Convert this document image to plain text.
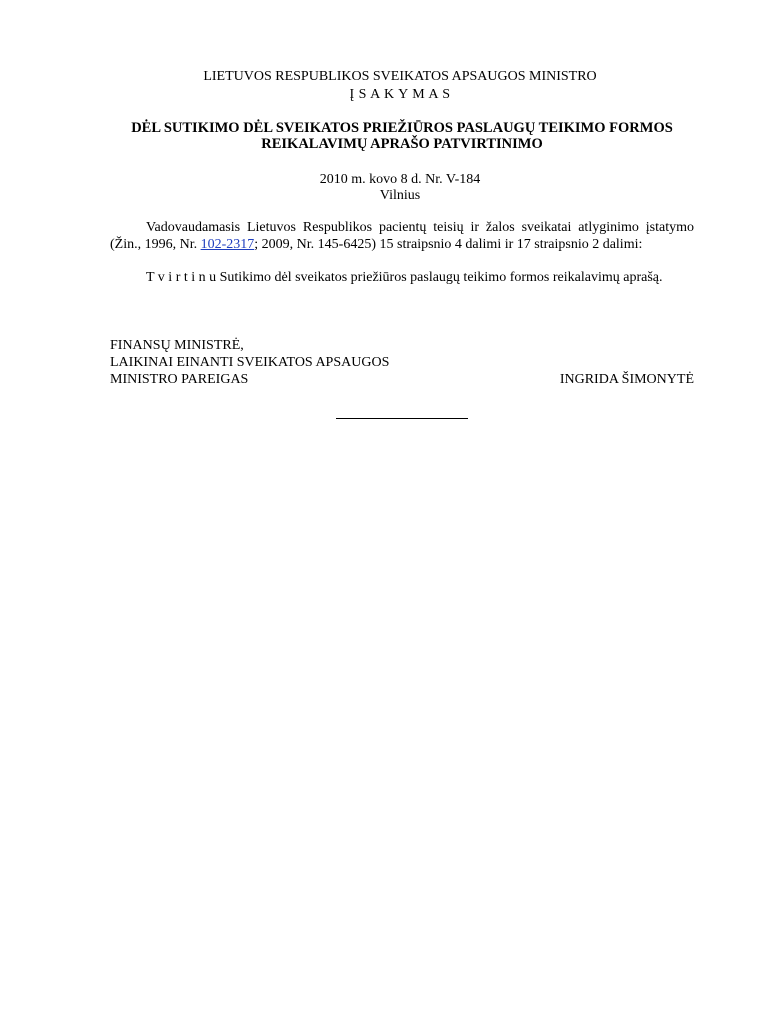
LIETUVOS RESPUBLIKOS SVEIKATOS APSAUGOS MINISTRO
Į S A K Y M A S
DĖL SUTIKIMO DĖL SVEIKATOS PRIEŽIŪROS PASLAUGŲ TEIKIMO FORMOS
REIKALAVIMŲ APRAŠO PATVIRTINIMO
2010 m. kovo 8 d. Nr. V-184
Vilnius
Vadovaudamasis Lietuvos Respublikos pacientų teisių ir žalos sveikatai atlyginimo įstatymo (Žin., 1996, Nr. 102-2317; 2009, Nr. 145-6425) 15 straipsnio 4 dalimi ir 17 straipsnio 2 dalimi:
T v i r t i n u Sutikimo dėl sveikatos priežiūros paslaugų teikimo formos reikalavimų aprašą.
FINANSŲ MINISTRĖ,
LAIKINAI EINANTI SVEIKATOS APSAUGOS
MINISTRO PAREIGAS	INGRIDA ŠIMONYTĖ
